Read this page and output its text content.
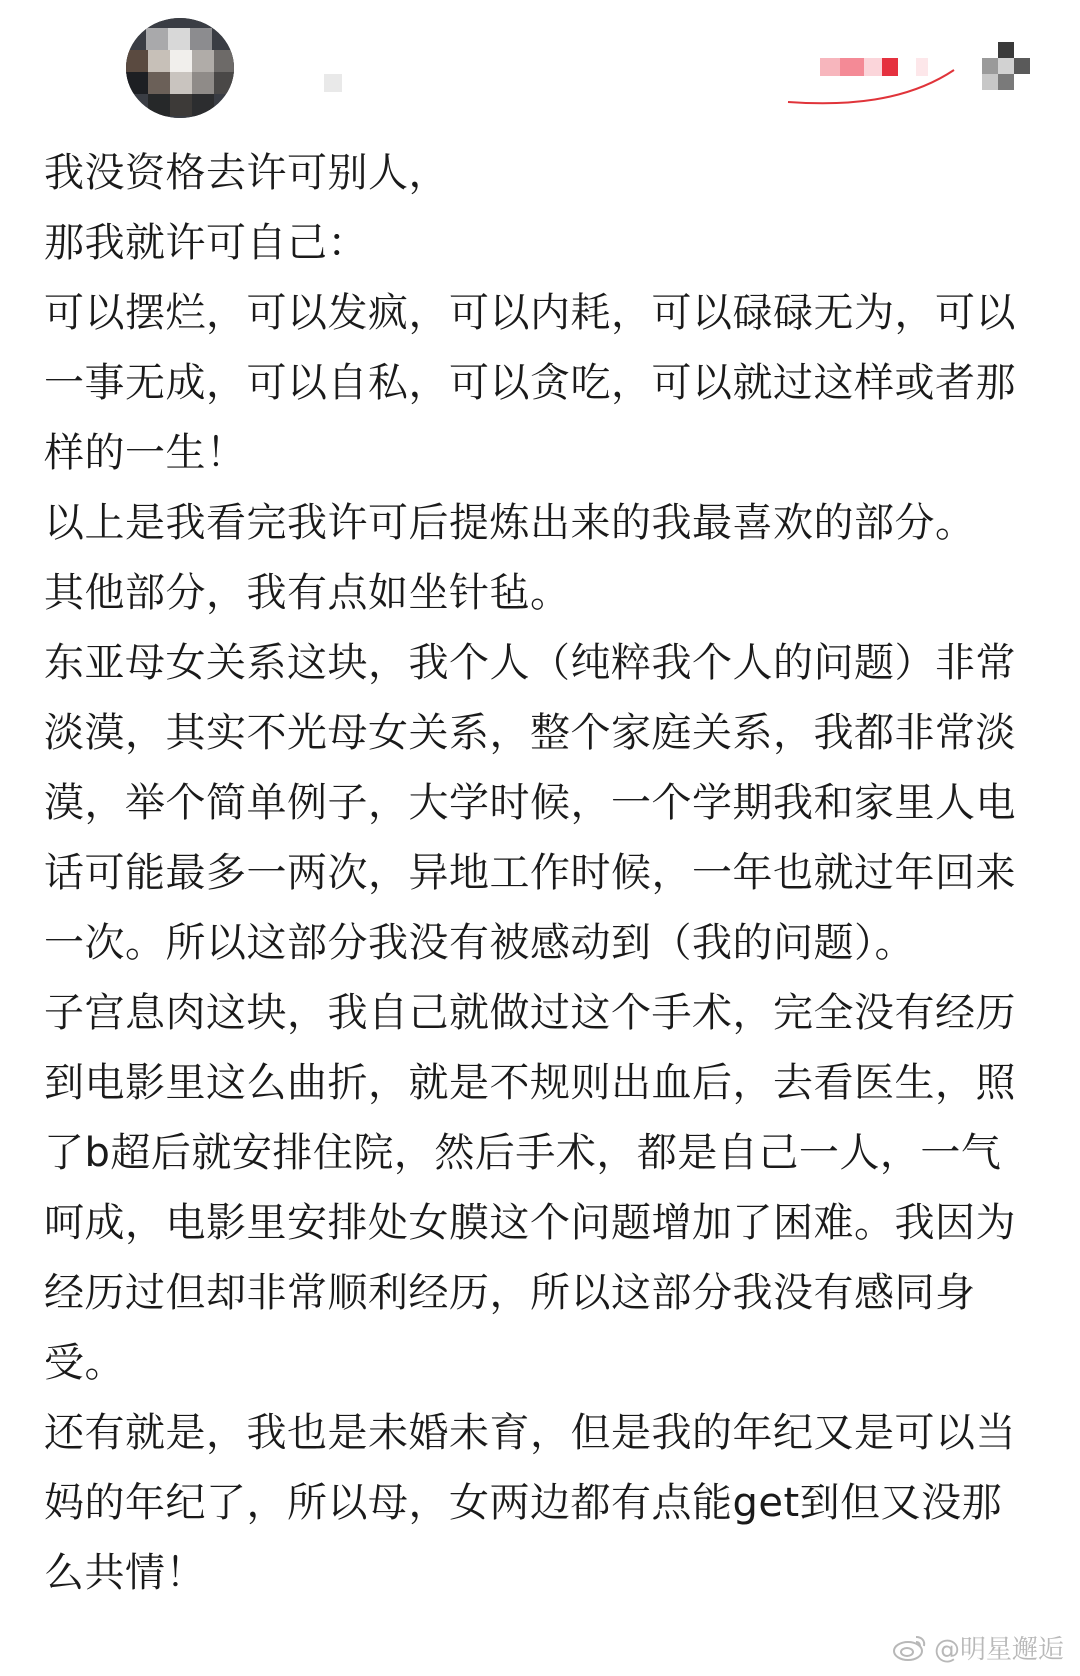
我没资格去许可别人，

那我就许可自己：

可以摆烂，可以发疯，可以内耗，可以碌碌无为，可以一事无成，可以自私，可以贪吃，可以就过这样或者那样的一生！

以上是我看完我许可后提炼出来的我最喜欢的部分。

其他部分，我有点如坐针毡。

东亚母女关系这块，我个人（纯粹我个人的问题）非常淡漠，其实不光母女关系，整个家庭关系，我都非常淡漠，举个简单例子，大学时候，一个学期我和家里人电话可能最多一两次，异地工作时候，一年也就过年回来一次。所以这部分我没有被感动到（我的问题）。

子宫息肉这块，我自己就做过这个手术，完全没有经历到电影里这么曲折，就是不规则出血后，去看医生，照了b超后就安排住院，然后手术，都是自己一人，一气呵成，电影里安排处女膜这个问题增加了困难。我因为经历过但却非常顺利经历，所以这部分我没有感同身受。

还有就是，我也是未婚未育，但是我的年纪又是可以当妈的年纪了，所以母，女两边都有点能get到但又没那么共情！

@明星邂逅
